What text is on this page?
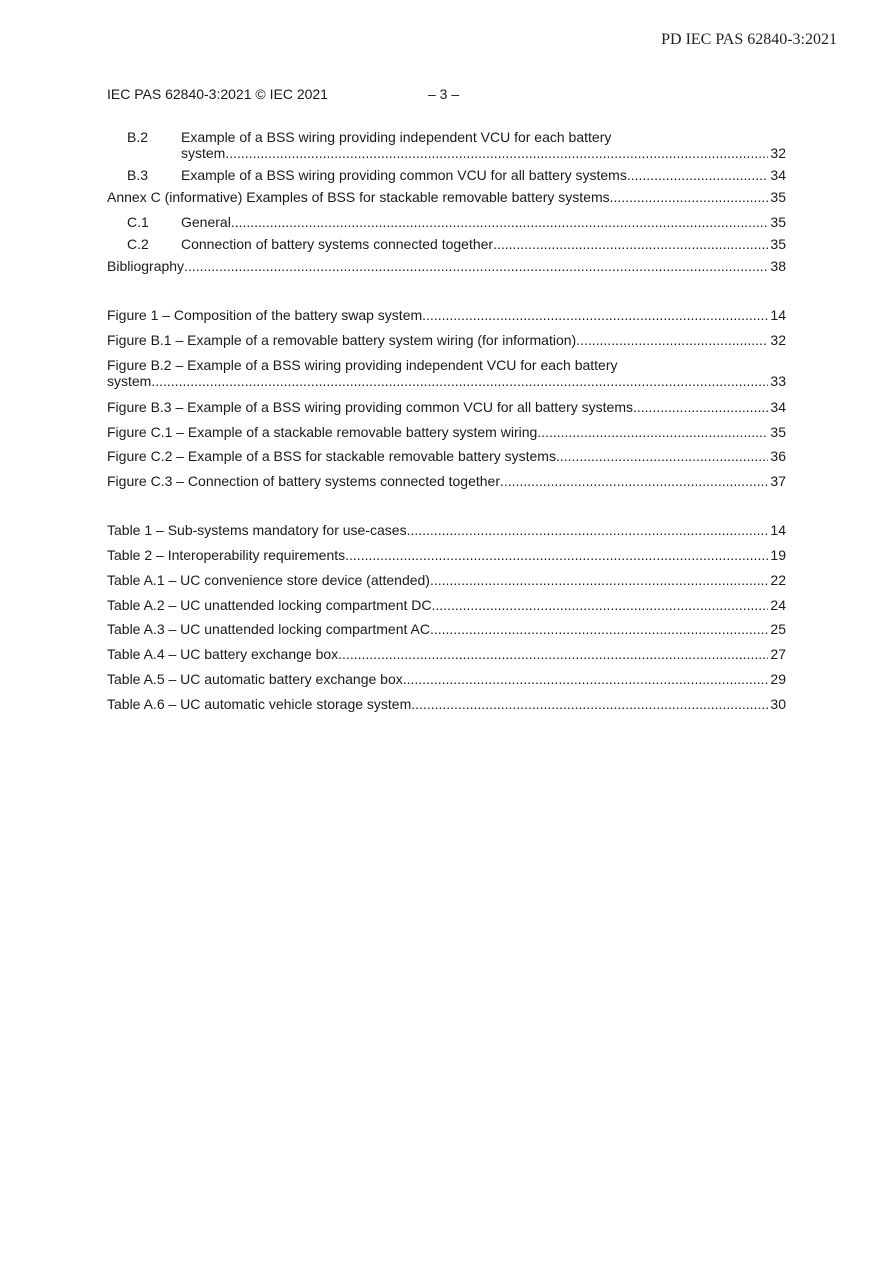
PD IEC PAS 62840-3:2021
IEC PAS 62840-3:2021 © IEC 2021	– 3 –
B.2	Example of a BSS wiring providing independent VCU for each battery
system .....	32
B.3	Example of a BSS wiring providing common VCU for all battery systems .....	34
Annex C (informative) Examples of BSS for stackable removable battery systems .....	35
C.1	General .....	35
C.2	Connection of battery systems connected together .....	35
Bibliography .....	38
Figure 1 – Composition of the battery swap system .....	14
Figure B.1 – Example of a removable battery system wiring (for information) .....	32
Figure B.2 – Example of a BSS wiring providing independent VCU for each battery
system .....	33
Figure B.3 – Example of a BSS wiring providing common VCU for all battery systems .....	34
Figure C.1 – Example of a stackable removable battery system wiring .....	35
Figure C.2 – Example of a BSS for stackable removable battery systems .....	36
Figure C.3 – Connection of battery systems connected together .....	37
Table 1 – Sub-systems mandatory for use-cases .....	14
Table 2 – Interoperability requirements .....	19
Table A.1 – UC convenience store device (attended) .....	22
Table A.2 – UC unattended locking compartment DC .....	24
Table A.3 – UC unattended locking compartment AC .....	25
Table A.4 – UC battery exchange box .....	27
Table A.5 – UC automatic battery exchange box .....	29
Table A.6 – UC automatic vehicle storage system .....	30
